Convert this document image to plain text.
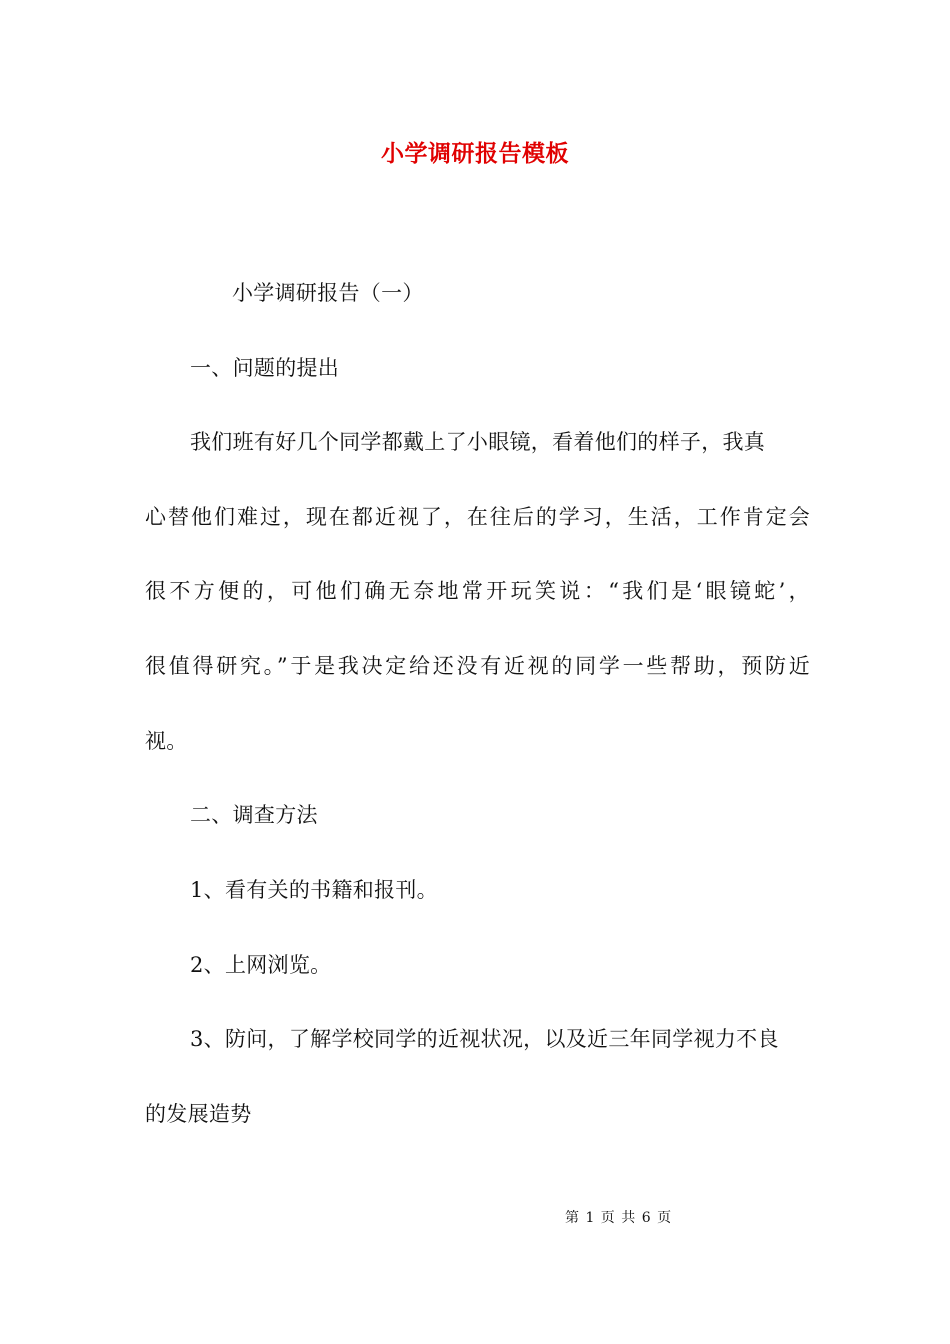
小学调研报告模板
小学调研报告（一）
一、问题的提出
我们班有好几个同学都戴上了小眼镜，看着他们的样子，我真
心替他们难过，现在都近视了，在往后的学习，生活，工作肯定会
很不方便的，可他们确无奈地常开玩笑说：“我们是‘眼镜蛇’，
很值得研究。”于是我决定给还没有近视的同学一些帮助，预防近
视。
二、调查方法
1、看有关的书籍和报刊。
2、上网浏览。
3、防问，了解学校同学的近视状况，以及近三年同学视力不良
的发展造势
第 1 页 共 6 页
